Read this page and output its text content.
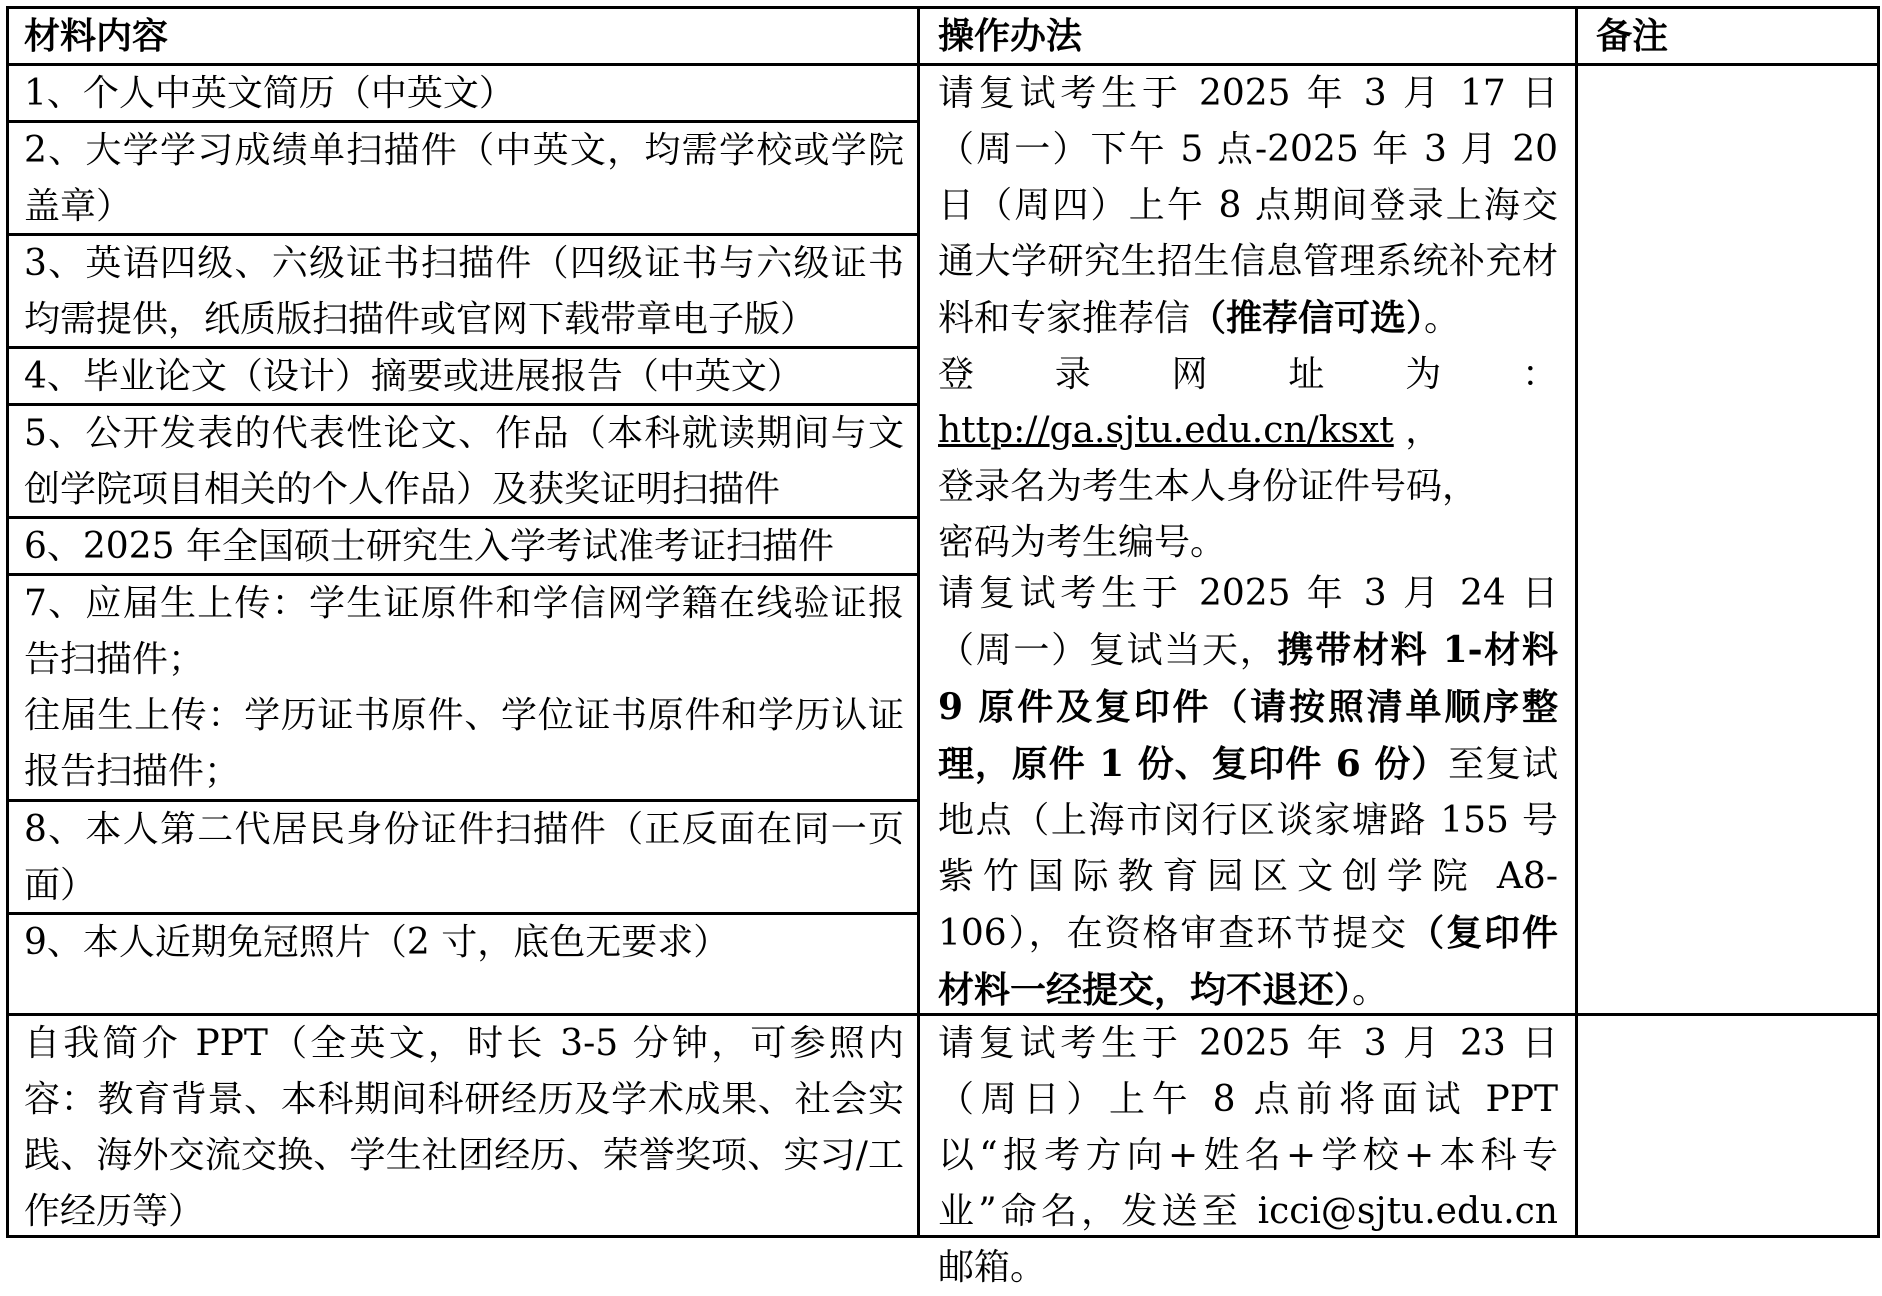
材料内容	操作办法	备注
1、个人中英文简历（中英文）
2、大学学习成绩单扫描件（中英文，均需学校或学院盖章）
3、英语四级、六级证书扫描件（四级证书与六级证书均需提供，纸质版扫描件或官网下载带章电子版）
4、毕业论文（设计）摘要或进展报告（中英文）
5、公开发表的代表性论文、作品（本科就读期间与文创学院项目相关的个人作品）及获奖证明扫描件
6、2025 年全国硕士研究生入学考试准考证扫描件
7、应届生上传：学生证原件和学信网学籍在线验证报告扫描件；
往届生上传：学历证书原件、学位证书原件和学历认证报告扫描件；
8、本人第二代居民身份证件扫描件（正反面在同一页面）
9、本人近期免冠照片（2 寸，底色无要求）
请复试考生于 2025 年 3 月 17 日（周一）下午 5 点-2025 年 3 月 20 日（周四）上午 8 点期间登录上海交通大学研究生招生信息管理系统补充材料和专家推荐信（推荐信可选）。
登录网址为：http://ga.sjtu.edu.cn/ksxt ，
登录名为考生本人身份证件号码，
密码为考生编号。
请复试考生于 2025 年 3 月 24 日（周一）复试当天，携带材料 1-材料 9 原件及复印件（请按照清单顺序整理，原件 1 份、复印件 6 份）至复试地点（上海市闵行区谈家塘路 155 号紫竹国际教育园区文创学院 A8-106），在资格审查环节提交（复印件材料一经提交，均不退还）。
自我简介 PPT（全英文，时长 3-5 分钟，可参照内容：教育背景、本科期间科研经历及学术成果、社会实践、海外交流交换、学生社团经历、荣誉奖项、实习/工作经历等）
请复试考生于 2025 年 3 月 23 日（周日）上午 8 点前将面试 PPT 以“报考方向+姓名+学校+本科专业”命名，发送至 icci@sjtu.edu.cn 邮箱。
